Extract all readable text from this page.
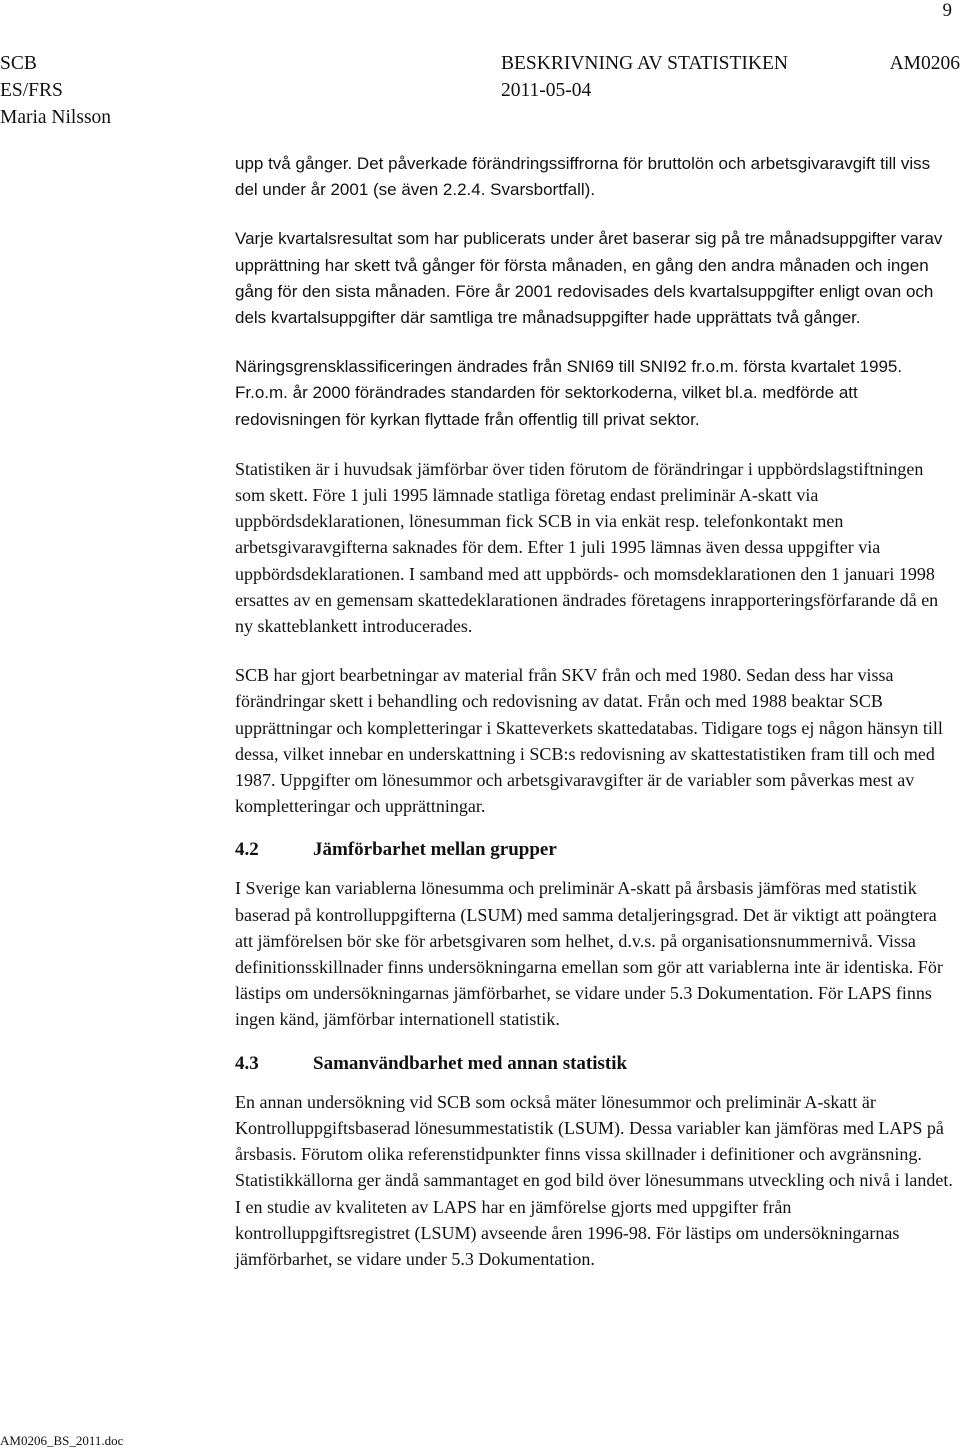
9
SCB
ES/FRS
Maria Nilsson
BESKRIVNING AV STATISTIKEN
2011-05-04
AM0206

upp två gånger. Det påverkade förändringssiffrorna för bruttolön och arbetsgivaravgift till viss del under år 2001 (se även 2.2.4. Svarsbortfall).

Varje kvartalsresultat som har publicerats under året baserar sig på tre månadsuppgifter varav upprättning har skett två gånger för första månaden, en gång den andra månaden och ingen gång för den sista månaden. Före år 2001 redovisades dels kvartalsuppgifter enligt ovan och dels kvartalsuppgifter där samtliga tre månadsuppgifter hade upprättats två gånger.

Näringsgrensklassificeringen ändrades från SNI69 till SNI92 fr.o.m. första kvartalet 1995. Fr.o.m. år 2000 förändrades standarden för sektorkoderna, vilket bl.a. medförde att redovisningen för kyrkan flyttade från offentlig till privat sektor.

Statistiken är i huvudsak jämförbar över tiden förutom de förändringar i uppbördslagstiftningen som skett. Före 1 juli 1995 lämnade statliga företag endast preliminär A-skatt via uppbördsdeklarationen, lönesumman fick SCB in via enkät resp. telefonkontakt men arbetsgivaravgifterna saknades för dem. Efter 1 juli 1995 lämnas även dessa uppgifter via uppbördsdeklarationen. I samband med att uppbörds- och momsdeklarationen den 1 januari 1998 ersattes av en gemensam skattedeklarationen ändrades företagens inrapporteringsförfarande då en ny skatteblankett introducerades.

SCB har gjort bearbetningar av material från SKV från och med 1980. Sedan dess har vissa förändringar skett i behandling och redovisning av datat. Från och med 1988 beaktar SCB upprättningar och kompletteringar i Skatteverkets skattedatabas. Tidigare togs ej någon hänsyn till dessa, vilket innebar en underskattning i SCB:s redovisning av skattestatistiken fram till och med 1987. Uppgifter om lönesummor och arbetsgivaravgifter är de variabler som påverkas mest av kompletteringar och upprättningar.

4.2	Jämförbarhet mellan grupper

I Sverige kan variablerna lönesumma och preliminär A-skatt på årsbasis jämföras med statistik baserad på kontrolluppgifterna (LSUM) med samma detaljeringsgrad. Det är viktigt att poängtera att jämförelsen bör ske för arbetsgivaren som helhet, d.v.s. på organisationsnummernivå. Vissa definitionsskillnader finns undersökningarna emellan som gör att variablerna inte är identiska. För lästips om undersökningarnas jämförbarhet, se vidare under 5.3 Dokumentation. För LAPS finns ingen känd, jämförbar internationell statistik.

4.3	Samanvändbarhet med annan statistik

En annan undersökning vid SCB som också mäter lönesummor och preliminär A-skatt är Kontrolluppgiftsbaserad lönesummestatistik (LSUM). Dessa variabler kan jämföras med LAPS på årsbasis. Förutom olika referenstidpunkter finns vissa skillnader i definitioner och avgränsning. Statistikkällorna ger ändå sammantaget en god bild över lönesummans utveckling och nivå i landet. I en studie av kvaliteten av LAPS har en jämförelse gjorts med uppgifter från kontrolluppgiftsregistret (LSUM) avseende åren 1996-98. För lästips om undersökningarnas jämförbarhet, se vidare under 5.3 Dokumentation.

AM0206_BS_2011.doc
